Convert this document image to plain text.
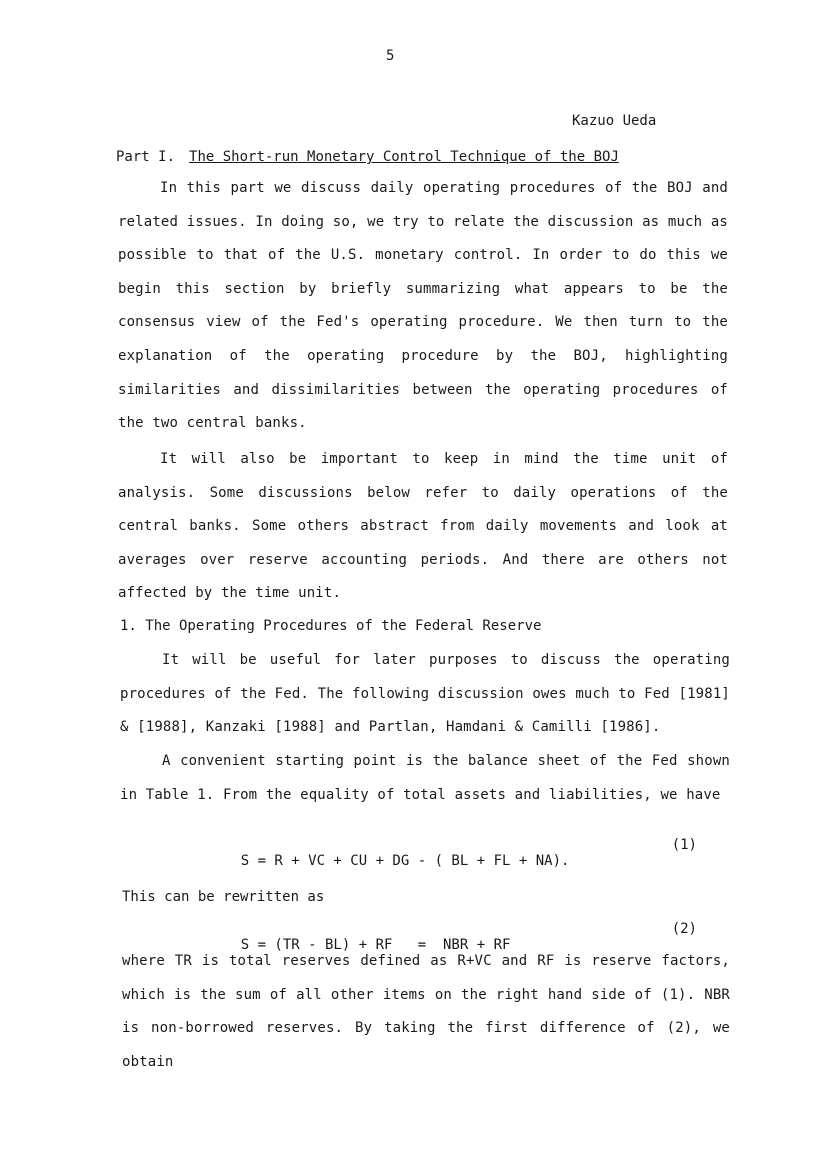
5
Kazuo Ueda
Part I. The Short-run Monetary Control Technique of the BOJ
In this part we discuss daily operating procedures of the BOJ and related issues. In doing so, we try to relate the discussion as much as possible to that of the U.S. monetary control. In order to do this we begin this section by briefly summarizing what appears to be the consensus view of the Fed's operating procedure. We then turn to the explanation of the operating procedure by the BOJ, highlighting similarities and dissimilarities between the operating procedures of the two central banks.
It will also be important to keep in mind the time unit of analysis. Some discussions below refer to daily operations of the central banks. Some others abstract from daily movements and look at averages over reserve accounting periods. And there are others not affected by the time unit.
1. The Operating Procedures of the Federal Reserve
It will be useful for later purposes to discuss the operating procedures of the Fed. The following discussion owes much to Fed [1981] & [1988], Kanzaki [1988] and Partlan, Hamdani & Camilli [1986].
A convenient starting point is the balance sheet of the Fed shown in Table 1. From the equality of total assets and liabilities, we have

S = R + VC + CU + DG - ( BL + FL + NA).

(1)

This can be rewritten as

S = (TR - BL) + RF   =  NBR + RF

(2)

where TR is total reserves defined as R+VC and RF is reserve factors, which is the sum of all other items on the right hand side of (1). NBR is non-borrowed reserves. By taking the first difference of (2), we obtain
